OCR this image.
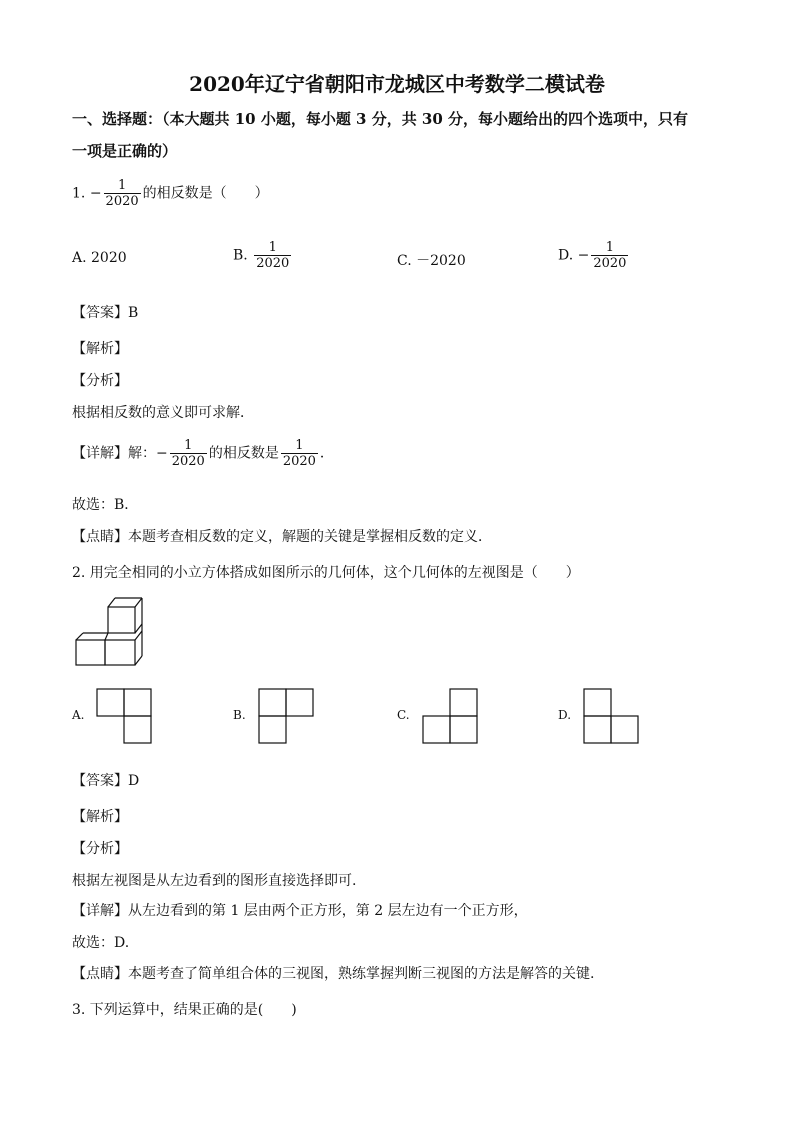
2020年辽宁省朝阳市龙城区中考数学二模试卷
一、选择题：（本大题共 10 小题，每小题 3 分，共 30 分，每小题给出的四个选项中，只有
一项是正确的）
1. − $\frac{1}{2020}$ 的相反数是（　　）
A. 2020	B. $\frac{1}{2020}$	C. －2020	D. − $\frac{1}{2020}$
【答案】B
【解析】
【分析】
根据相反数的意义即可求解．
【详解】解：− $\frac{1}{2020}$ 的相反数是 $\frac{1}{2020}$ ．
故选：B．
【点睛】本题考查相反数的定义，解题的关键是掌握相反数的定义．
2. 用完全相同的小立方体搭成如图所示的几何体，这个几何体的左视图是（　　）
A.	B.	C.	D.
【答案】D
【解析】
【分析】
根据左视图是从左边看到的图形直接选择即可.
【详解】从左边看到的第 1 层由两个正方形，第 2 层左边有一个正方形，
故选：D.
【点睛】本题考查了简单组合体的三视图，熟练掌握判断三视图的方法是解答的关键.
3. 下列运算中，结果正确的是(　　)
